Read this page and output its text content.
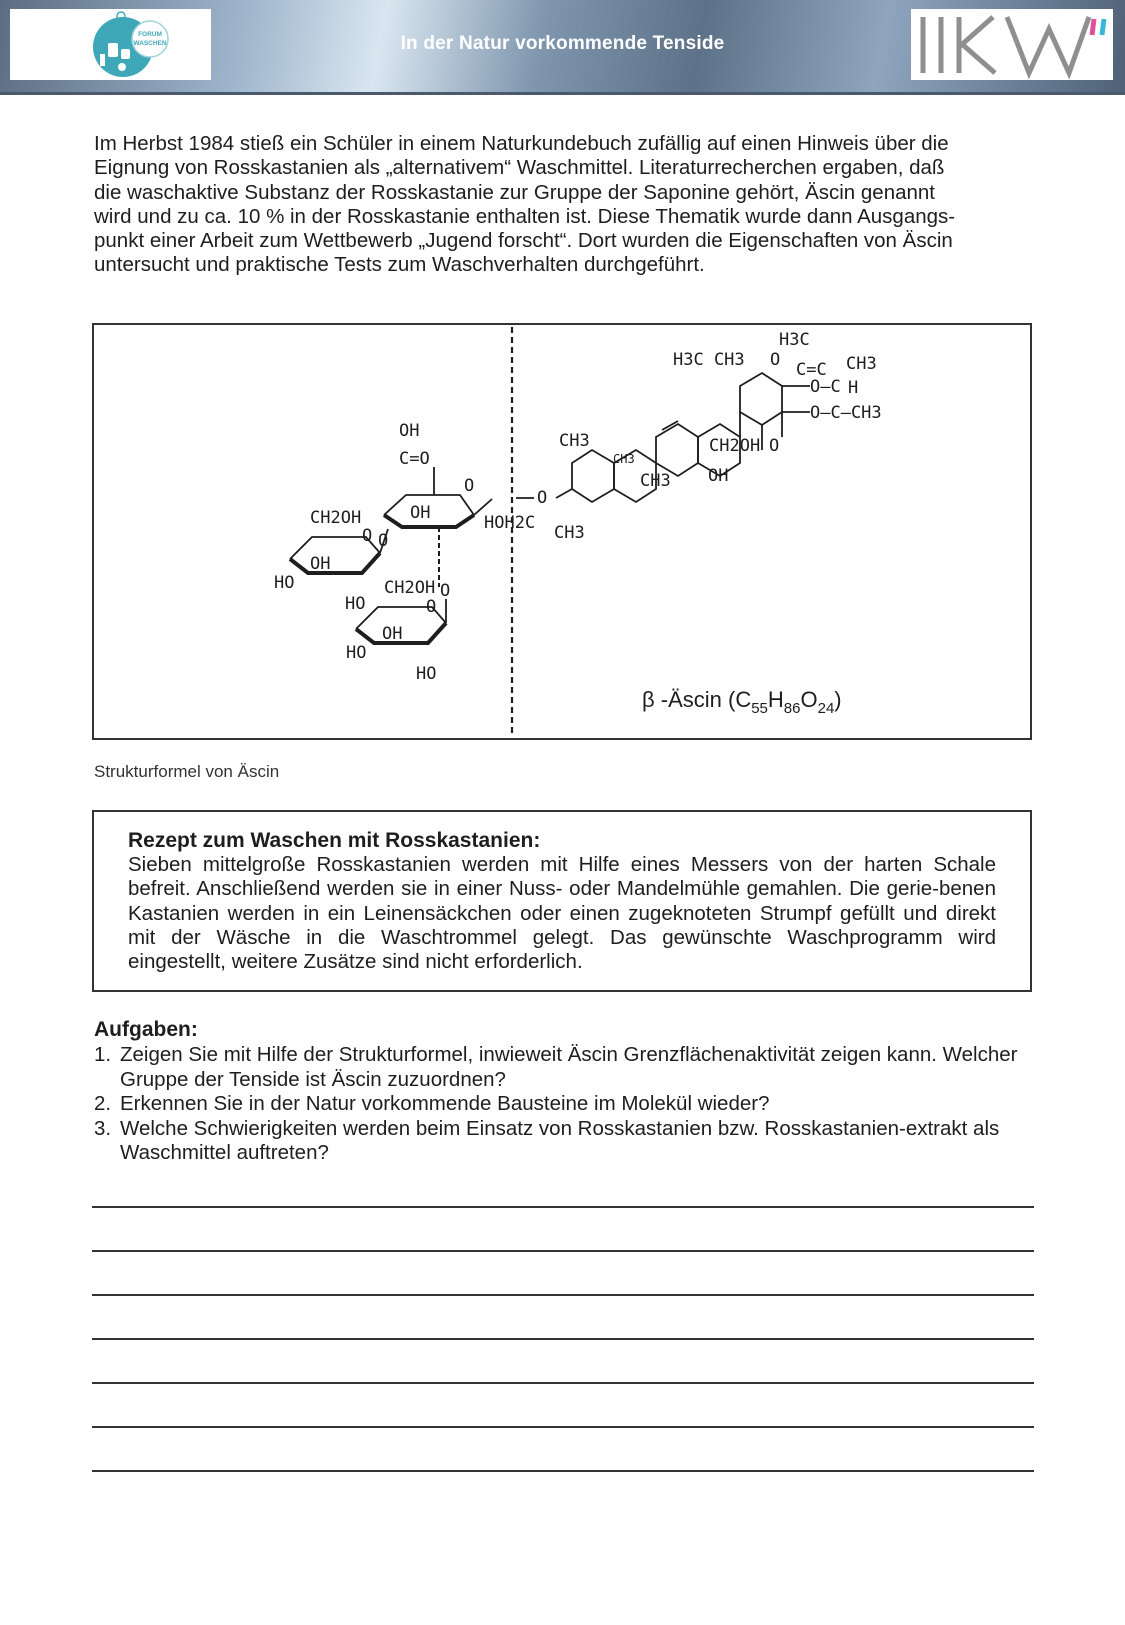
FORUM
WASCHEN	In der Natur vorkommende Tenside
Im Herbst 1984 stieß ein Schüler in einem Naturkundebuch zufällig auf einen Hinweis über die
Eignung von Rosskastanien als „alternativem“ Waschmittel. Literaturrecherchen ergaben, daß
die waschaktive Substanz der Rosskastanie zur Gruppe der Saponine gehört, Äscin genannt
wird und zu ca. 10 % in der Rosskastanie enthalten ist. Diese Thematik wurde dann Ausgangs-
punkt einer Arbeit zum Wettbewerb „Jugend forscht“. Dort wurden die Eigenschaften von Äscin
untersucht und praktische Tests zum Waschverhalten durchgeführt.
O
HOH2C CH3
CH3
CH3
CH3
CH2OH
OH
H3C CH3
H3C
O
O–C
C=C CH3
H
O–C–CH3
O
OH
C=O
O
OH
CH2OH
O O
OH
HO
HO
CH2OH
O
O
OH
HO
HO
β -Äscin $(C_{55}H_{86}O_{24})$
Strukturformel von Äscin
Rezept zum Waschen mit Rosskastanien:
Sieben mittelgroße Rosskastanien werden mit Hilfe eines Messers von der harten Schale befreit. Anschließend werden sie in einer Nuss- oder Mandelmühle gemahlen. Die gerie-benen Kastanien werden in ein Leinensäckchen oder einen zugeknoteten Strumpf gefüllt und direkt mit der Wäsche in die Waschtrommel gelegt. Das gewünschte Waschprogramm wird eingestellt, weitere Zusätze sind nicht erforderlich.
Aufgaben:
1. Zeigen Sie mit Hilfe der Strukturformel, inwieweit Äscin Grenzflächenaktivität zeigen kann. Welcher Gruppe der Tenside ist Äscin zuzuordnen?
2. Erkennen Sie in der Natur vorkommende Bausteine im Molekül wieder?
3. Welche Schwierigkeiten werden beim Einsatz von Rosskastanien bzw. Rosskastanien-extrakt als Waschmittel auftreten?
